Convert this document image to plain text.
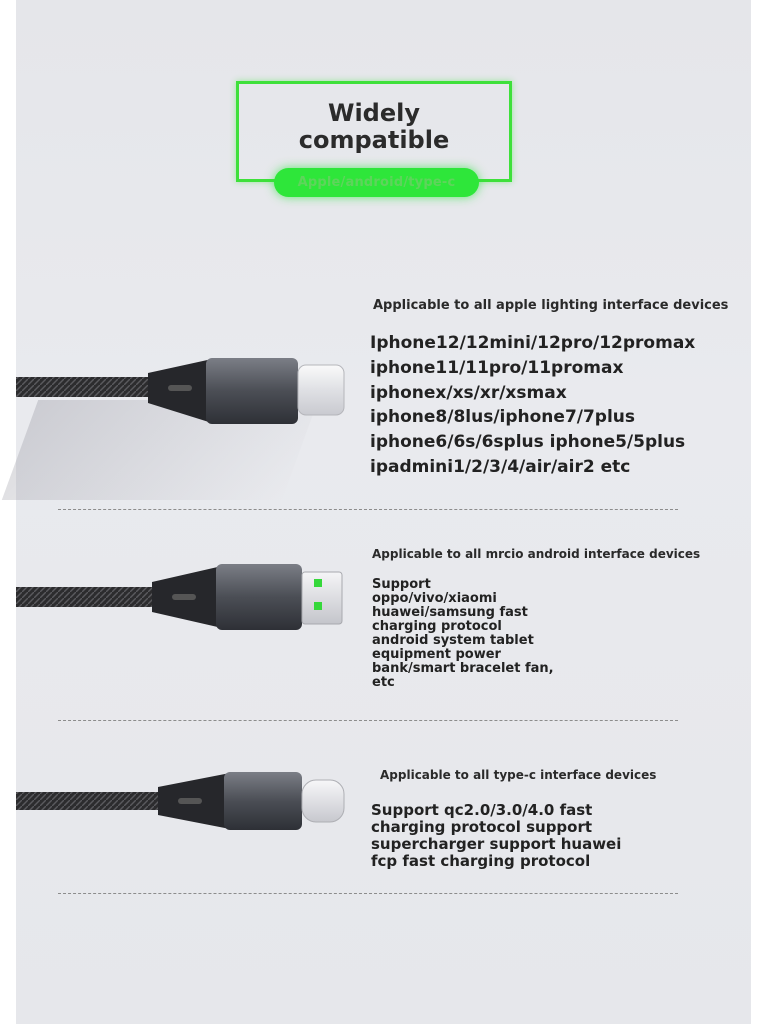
Widely
compatible
Apple/android/type-c
Applicable to all apple lighting interface devices
Iphone12/12mini/12pro/12promax
iphone11/11pro/11promax
iphonex/xs/xr/xsmax
iphone8/8lus/iphone7/7plus
iphone6/6s/6splus iphone5/5plus
ipadmini1/2/3/4/air/air2 etc
Applicable to all mrcio android interface devices
Support
oppo/vivo/xiaomi
huawei/samsung fast
charging protocol
android system tablet
equipment power
bank/smart bracelet fan,
etc
Applicable to all type-c interface devices
Support qc2.0/3.0/4.0 fast
charging protocol support
supercharger support huawei
fcp fast charging protocol
